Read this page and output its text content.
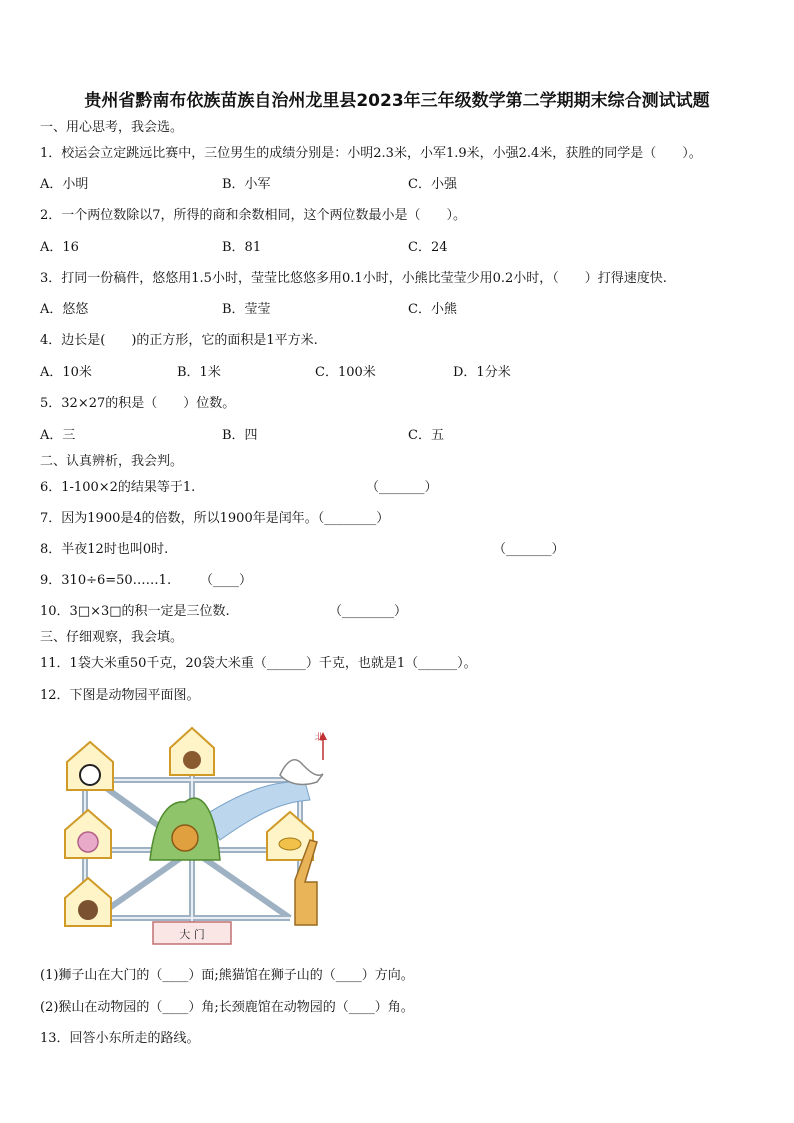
贵州省黔南布依族苗族自治州龙里县2023年三年级数学第二学期期末综合测试试题
一、用心思考，我会选。
1．校运会立定跳远比赛中，三位男生的成绩分别是：小明2.3米，小军1.9米，小强2.4米，获胜的同学是（　　）。
A．小明	B．小军	C．小强
2．一个两位数除以7，所得的商和余数相同，这个两位数最小是（　　）。
A．16	B．81	C．24
3．打同一份稿件，悠悠用1.5小时，莹莹比悠悠多用0.1小时，小熊比莹莹少用0.2小时，（　　）打得速度快.
A．悠悠	B．莹莹	C．小熊
4．边长是(　　)的正方形，它的面积是1平方米.
A．10米	B．1米	C．100米	D．1分米
5．32×27的积是（　　）位数。
A．三	B．四	C．五
二、认真辨析，我会判。
6．1-100×2的结果等于1.	（_______）
7．因为1900是4的倍数，所以1900年是闰年。（________）
8．半夜12时也叫0时.	（_______）
9．310÷6=50……1. （____）
10．3□×3□的积一定是三位数.	（________）
三、仔细观察，我会填。
11．1袋大米重50千克，20袋大米重（______）千克，也就是1（______）。
12．下图是动物园平面图。
大 门
北
(1)狮子山在大门的（____）面;熊猫馆在狮子山的（____）方向。
(2)猴山在动物园的（____）角;长颈鹿馆在动物园的（____）角。
13．回答小东所走的路线。
